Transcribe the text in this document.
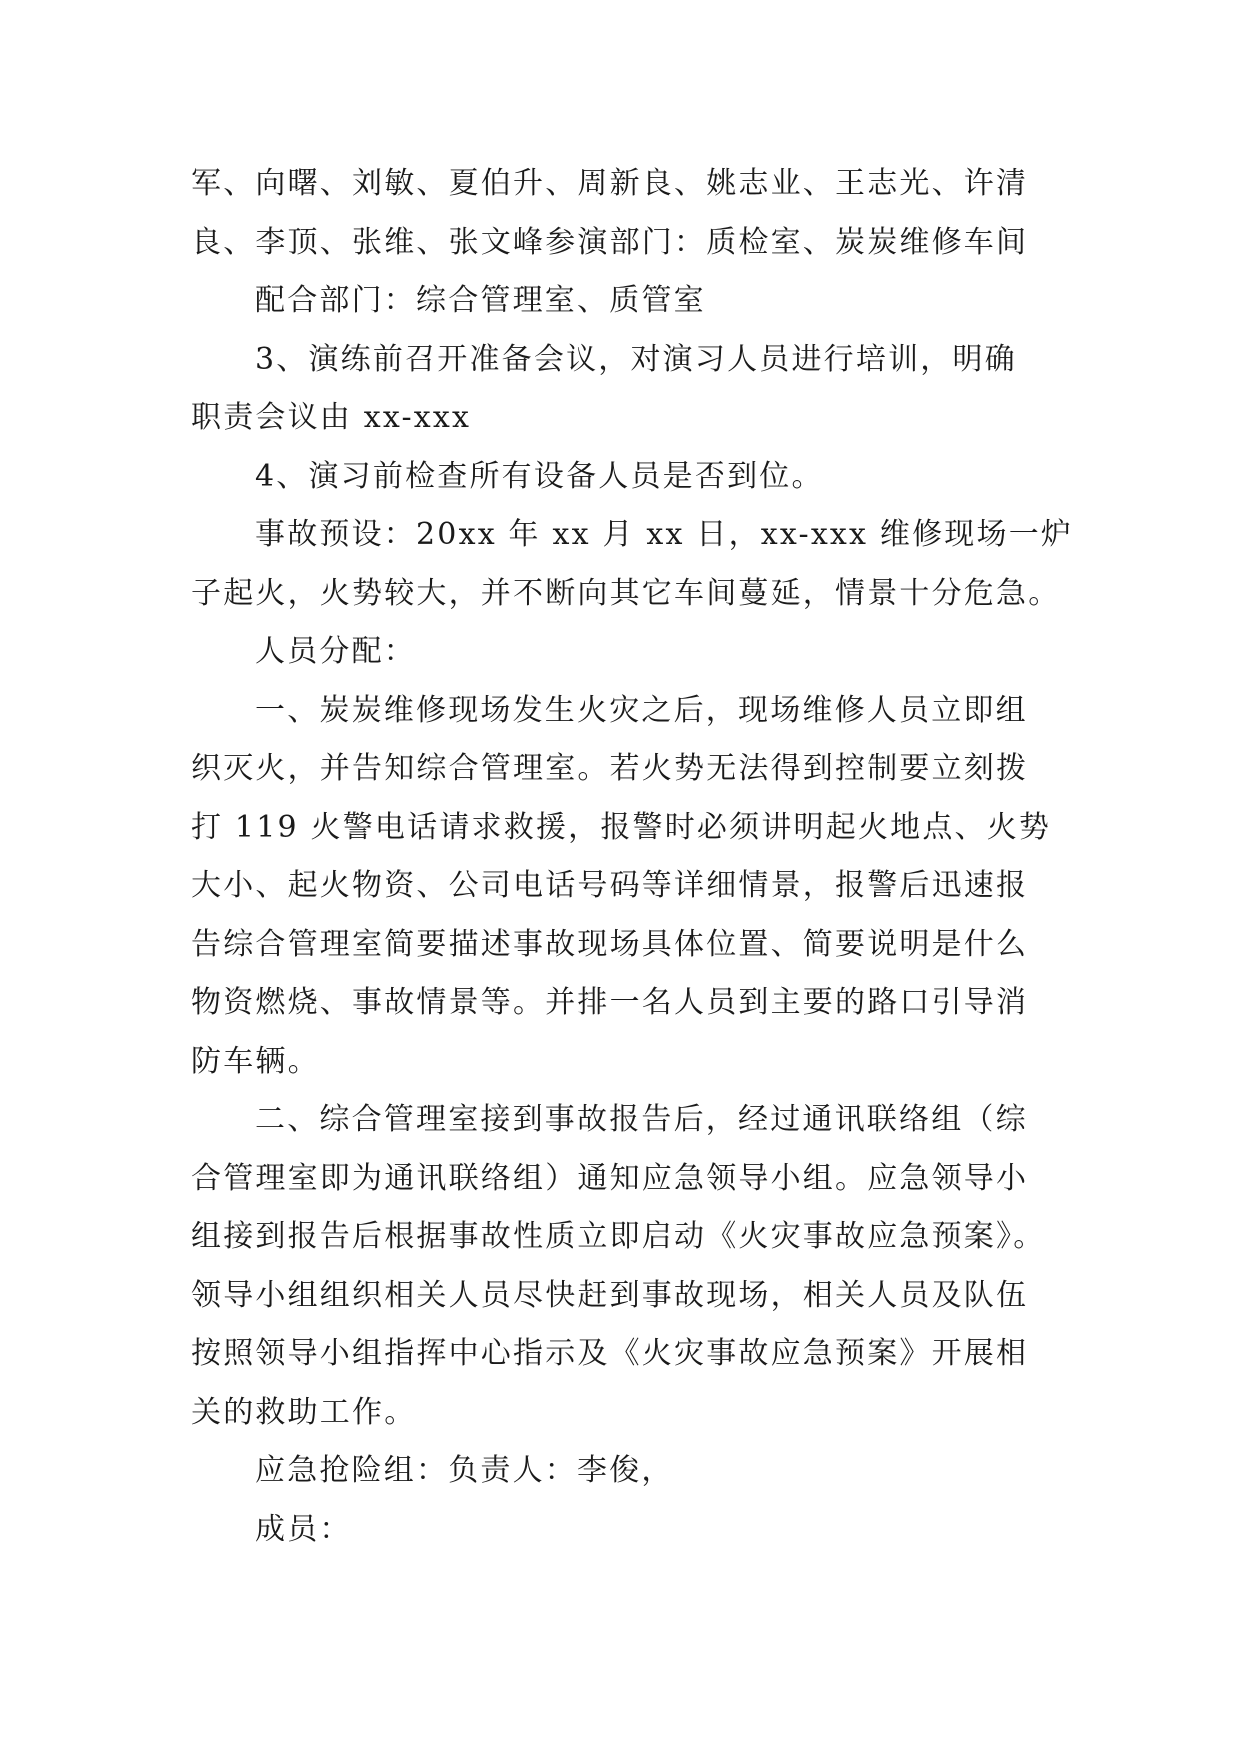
军、向曙、刘敏、夏伯升、周新良、姚志业、王志光、许清
良、李顶、张维、张文峰参演部门：质检室、炭炭维修车间
配合部门：综合管理室、质管室
3、演练前召开准备会议，对演习人员进行培训，明确
职责会议由 xx-xxx
4、演习前检查所有设备人员是否到位。
事故预设：20xx 年 xx 月 xx 日，xx-xxx 维修现场一炉
子起火，火势较大，并不断向其它车间蔓延，情景十分危急。
人员分配：
一、炭炭维修现场发生火灾之后，现场维修人员立即组
织灭火，并告知综合管理室。若火势无法得到控制要立刻拨
打 119 火警电话请求救援，报警时必须讲明起火地点、火势
大小、起火物资、公司电话号码等详细情景，报警后迅速报
告综合管理室简要描述事故现场具体位置、简要说明是什么
物资燃烧、事故情景等。并排一名人员到主要的路口引导消
防车辆。
二、综合管理室接到事故报告后，经过通讯联络组（综
合管理室即为通讯联络组）通知应急领导小组。应急领导小
组接到报告后根据事故性质立即启动《火灾事故应急预案》。
领导小组组织相关人员尽快赶到事故现场，相关人员及队伍
按照领导小组指挥中心指示及《火灾事故应急预案》开展相
关的救助工作。
应急抢险组：负责人：李俊，
成员：
